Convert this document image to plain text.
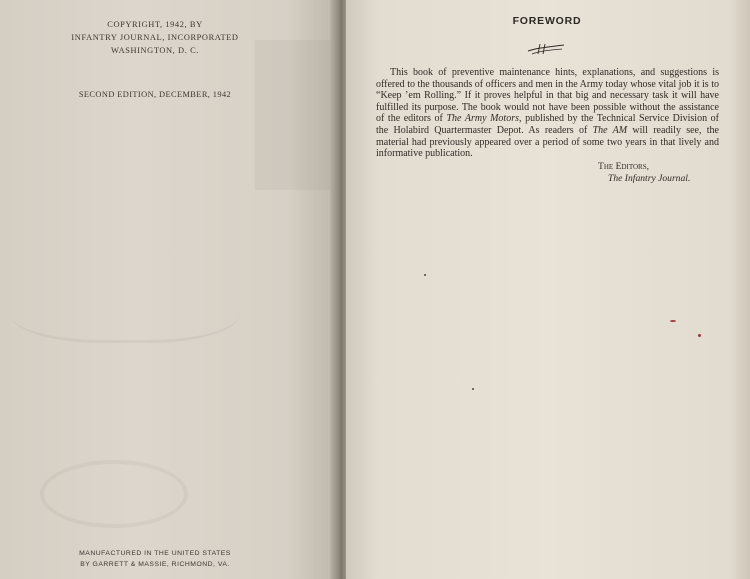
COPYRIGHT, 1942, BY
INFANTRY JOURNAL, INCORPORATED
WASHINGTON, D. C.
SECOND EDITION, DECEMBER, 1942
MANUFACTURED IN THE UNITED STATES
BY GARRETT & MASSIE, RICHMOND, VA.
FOREWORD
This book of preventive maintenance hints, explanations, and suggestions is offered to the thousands of officers and men in the Army today whose vital job it is to “Keep ’em Rolling.” If it proves helpful in that big and necessary task it will have fulfilled its purpose. The book would not have been possible without the assistance of the editors of The Army Motors, published by the Technical Service Division of the Holabird Quartermaster Depot. As readers of The AM will readily see, the material had previously appeared over a period of some two years in that lively and informative publication.
The Editors,
The Infantry Journal.
